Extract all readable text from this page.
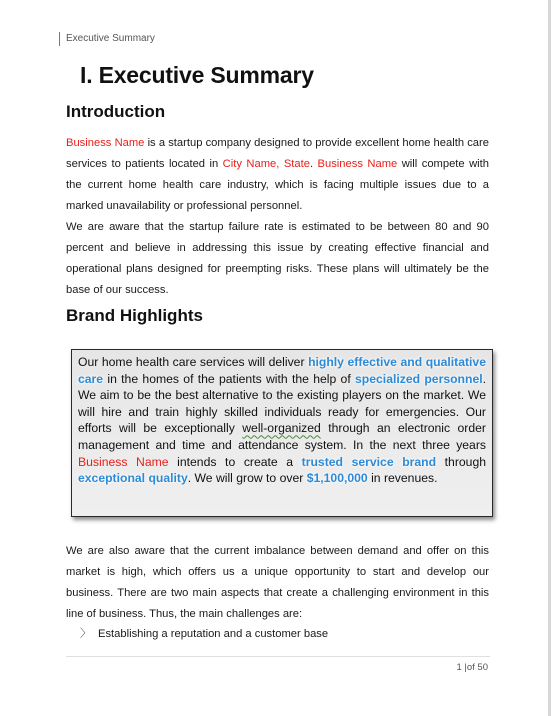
Executive Summary
I. Executive Summary
Introduction

Business Name is a startup company designed to provide excellent home health care services to patients located in City Name, State. Business Name will compete with the current home health care industry, which is facing multiple issues due to a marked unavailability or professional personnel.

We are aware that the startup failure rate is estimated to be between 80 and 90 percent and believe in addressing this issue by creating effective financial and operational plans designed for preempting risks. These plans will ultimately be the base of our success.

Brand Highlights
Our home health care services will deliver highly effective and qualitative care in the homes of the patients with the help of specialized personnel. We aim to be the best alternative to the existing players on the market. We will hire and train highly skilled individuals ready for emergencies. Our efforts will be exceptionally well-organized through an electronic order management and time and attendance system. In the next three years Business Name intends to create a trusted service brand through exceptional quality. We will grow to over $1,100,000 in revenues.

We are also aware that the current imbalance between demand and offer on this market is high, which offers us a unique opportunity to start and develop our business. There are two main aspects that create a challenging environment in this line of business. Thus, the main challenges are:

〉 Establishing a reputation and a customer base
1 |of 50
